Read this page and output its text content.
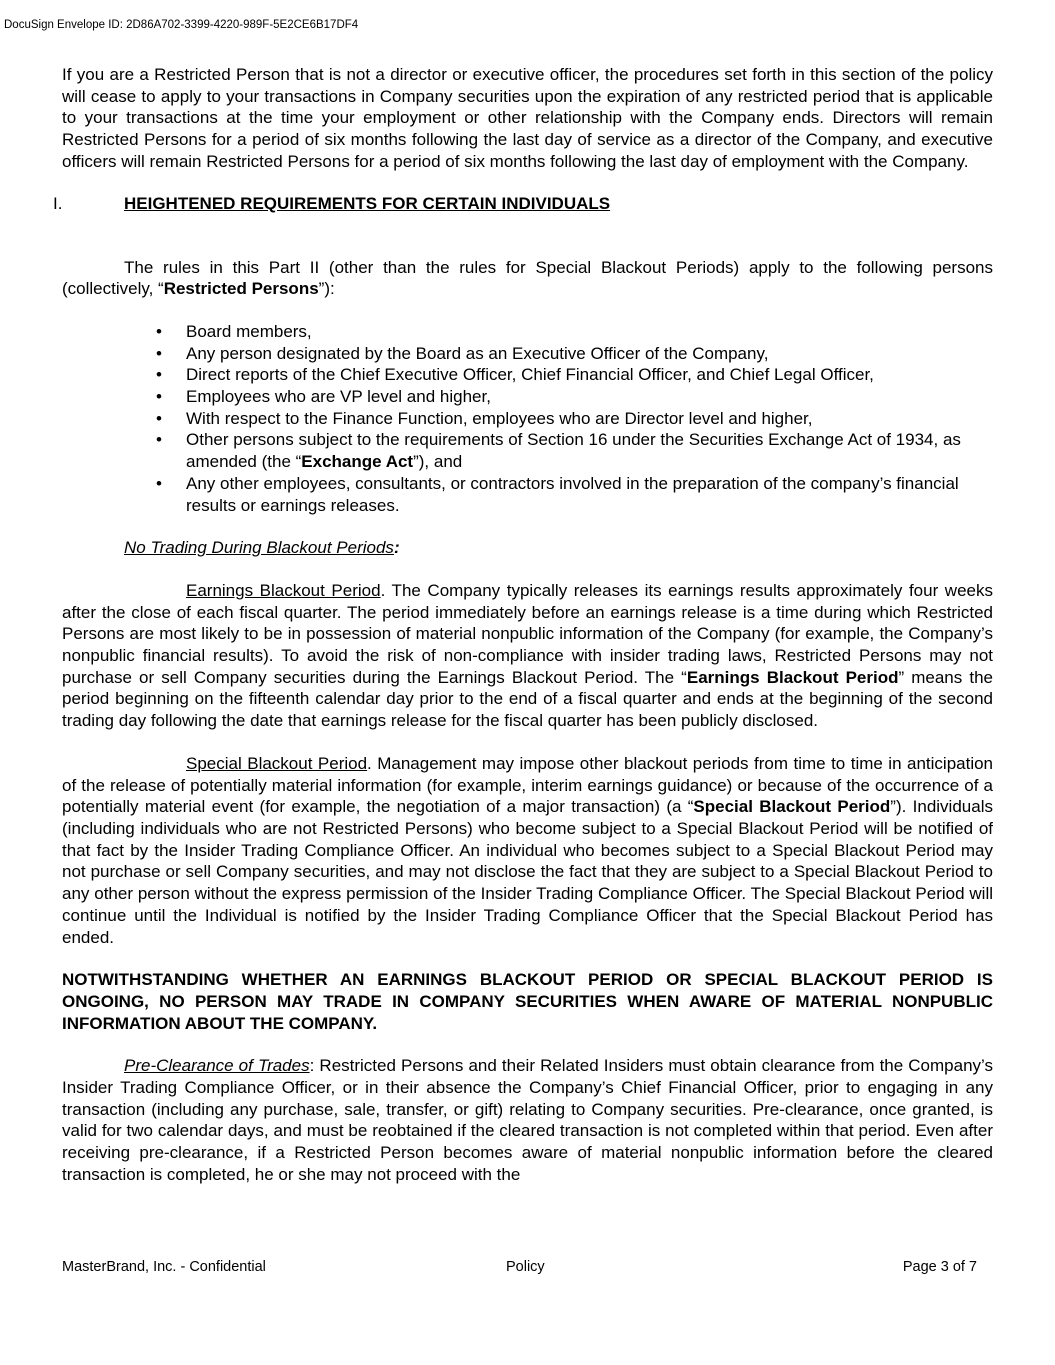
DocuSign Envelope ID: 2D86A702-3399-4220-989F-5E2CE6B17DF4

If you are a Restricted Person that is not a director or executive officer, the procedures set forth in this section of the policy will cease to apply to your transactions in Company securities upon the expiration of any restricted period that is applicable to your transactions at the time your employment or other relationship with the Company ends. Directors will remain Restricted Persons for a period of six months following the last day of service as a director of the Company, and executive officers will remain Restricted Persons for a period of six months following the last day of employment with the Company.

I.	HEIGHTENED REQUIREMENTS FOR CERTAIN INDIVIDUALS

The rules in this Part II (other than the rules for Special Blackout Periods) apply to the following persons (collectively, “Restricted Persons”):

• Board members,
• Any person designated by the Board as an Executive Officer of the Company,
• Direct reports of the Chief Executive Officer, Chief Financial Officer, and Chief Legal Officer,
• Employees who are VP level and higher,
• With respect to the Finance Function, employees who are Director level and higher,
• Other persons subject to the requirements of Section 16 under the Securities Exchange Act of 1934, as amended (the “Exchange Act”), and
• Any other employees, consultants, or contractors involved in the preparation of the company’s financial results or earnings releases.

No Trading During Blackout Periods:

Earnings Blackout Period. The Company typically releases its earnings results approximately four weeks after the close of each fiscal quarter. The period immediately before an earnings release is a time during which Restricted Persons are most likely to be in possession of material nonpublic information of the Company (for example, the Company’s nonpublic financial results). To avoid the risk of non-compliance with insider trading laws, Restricted Persons may not purchase or sell Company securities during the Earnings Blackout Period. The “Earnings Blackout Period” means the period beginning on the fifteenth calendar day prior to the end of a fiscal quarter and ends at the beginning of the second trading day following the date that earnings release for the fiscal quarter has been publicly disclosed.

Special Blackout Period. Management may impose other blackout periods from time to time in anticipation of the release of potentially material information (for example, interim earnings guidance) or because of the occurrence of a potentially material event (for example, the negotiation of a major transaction) (a “Special Blackout Period”). Individuals (including individuals who are not Restricted Persons) who become subject to a Special Blackout Period will be notified of that fact by the Insider Trading Compliance Officer. An individual who becomes subject to a Special Blackout Period may not purchase or sell Company securities, and may not disclose the fact that they are subject to a Special Blackout Period to any other person without the express permission of the Insider Trading Compliance Officer. The Special Blackout Period will continue until the Individual is notified by the Insider Trading Compliance Officer that the Special Blackout Period has ended.

NOTWITHSTANDING WHETHER AN EARNINGS BLACKOUT PERIOD OR SPECIAL BLACKOUT PERIOD IS ONGOING, NO PERSON MAY TRADE IN COMPANY SECURITIES WHEN AWARE OF MATERIAL NONPUBLIC INFORMATION ABOUT THE COMPANY.

Pre-Clearance of Trades: Restricted Persons and their Related Insiders must obtain clearance from the Company’s Insider Trading Compliance Officer, or in their absence the Company’s Chief Financial Officer, prior to engaging in any transaction (including any purchase, sale, transfer, or gift) relating to Company securities. Pre-clearance, once granted, is valid for two calendar days, and must be reobtained if the cleared transaction is not completed within that period. Even after receiving pre-clearance, if a Restricted Person becomes aware of material nonpublic information before the cleared transaction is completed, he or she may not proceed with the

MasterBrand, Inc. - Confidential	Policy	Page 3 of 7
